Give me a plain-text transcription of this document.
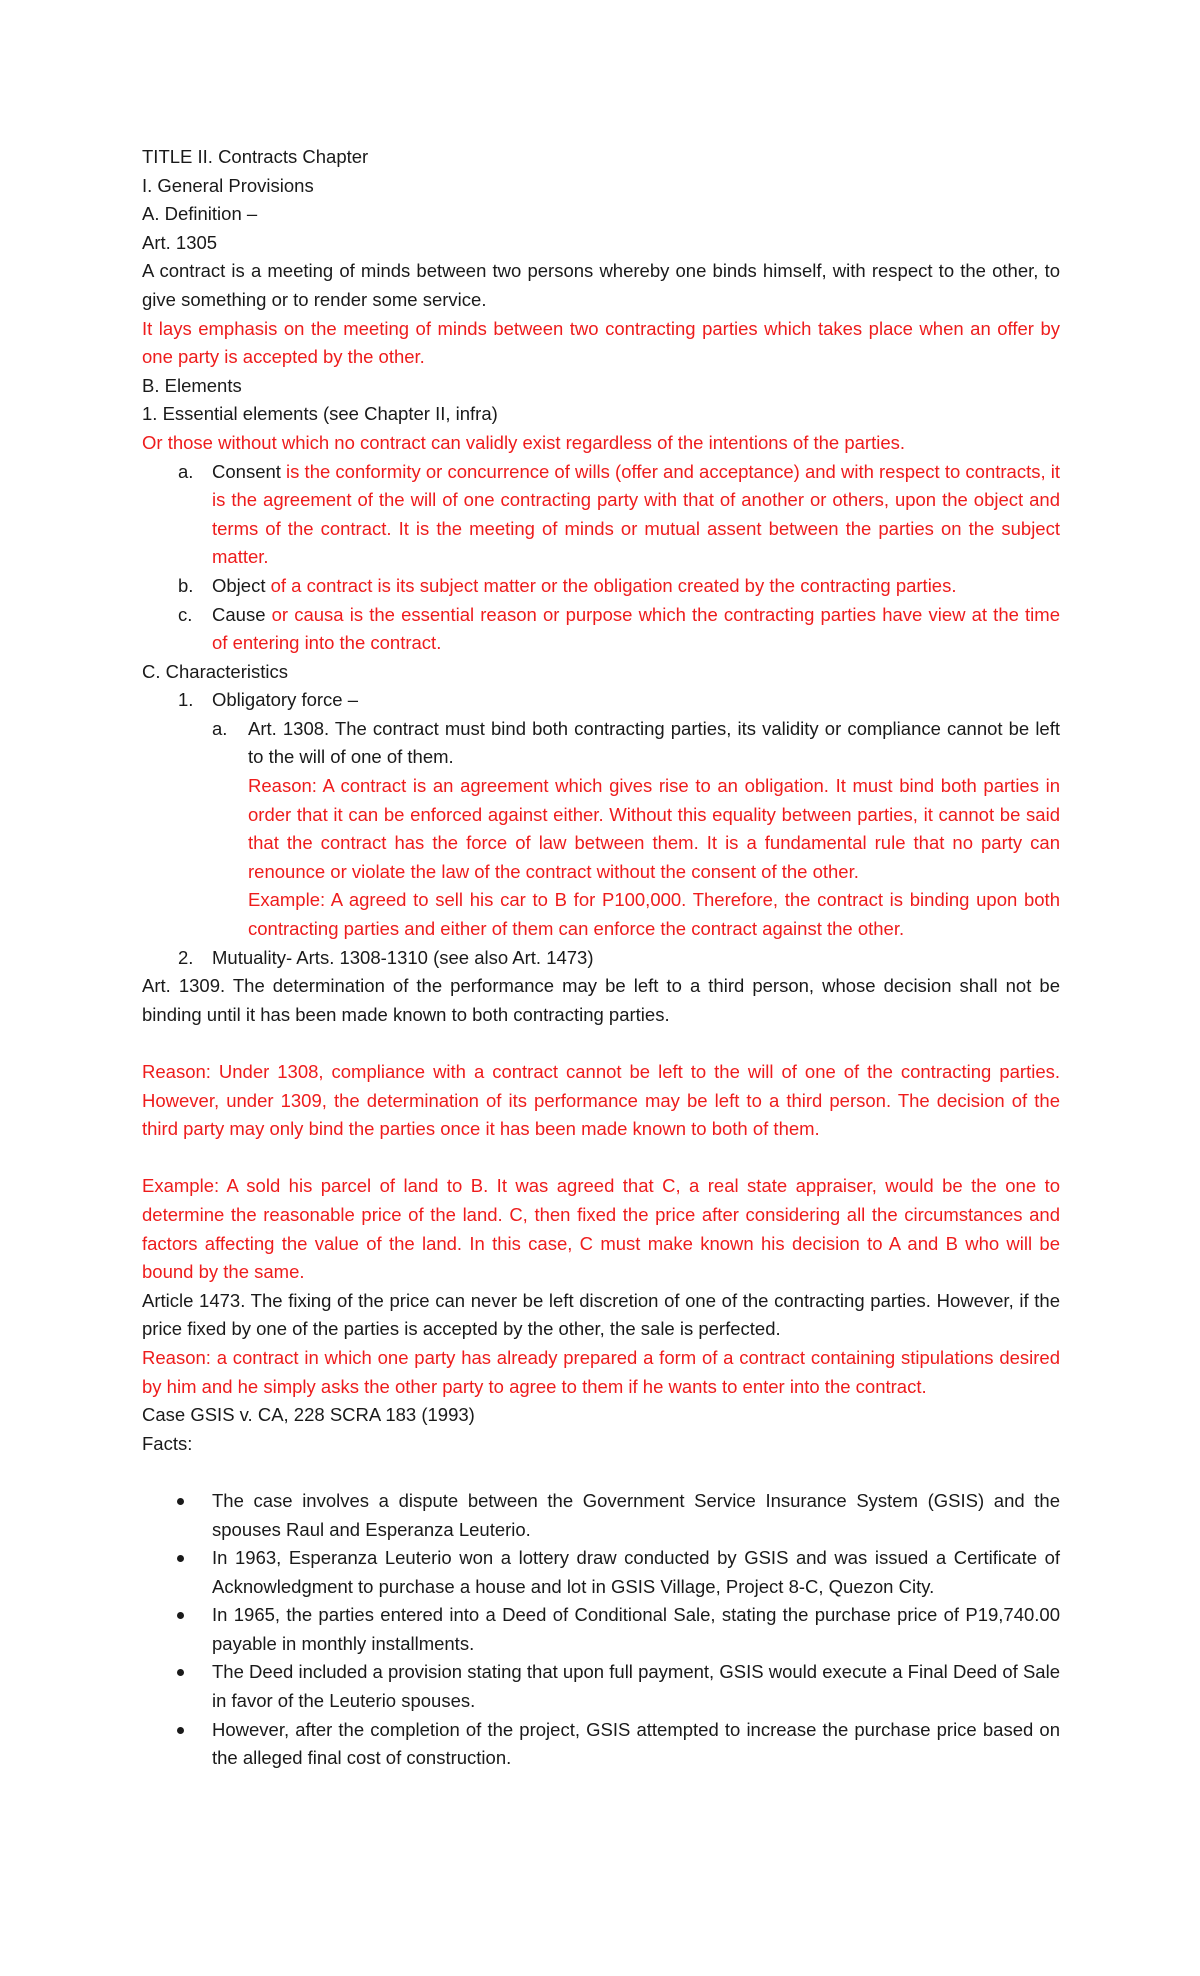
TITLE II. Contracts Chapter

I. General Provisions

A. Definition –

Art. 1305

A contract is a meeting of minds between two persons whereby one binds himself, with respect to the other, to give something or to render some service.

It lays emphasis on the meeting of minds between two contracting parties which takes place when an offer by one party is accepted by the other.

B. Elements

1. Essential elements (see Chapter II, infra)

Or those without which no contract can validly exist regardless of the intentions of the parties.

a. Consent is the conformity or concurrence of wills (offer and acceptance) and with respect to contracts, it is the agreement of the will of one contracting party with that of another or others, upon the object and terms of the contract. It is the meeting of minds or mutual assent between the parties on the subject matter.
b. Object of a contract is its subject matter or the obligation created by the contracting parties.
c. Cause or causa is the essential reason or purpose which the contracting parties have view at the time of entering into the contract.

C. Characteristics

1. Obligatory force –
a. Art. 1308. The contract must bind both contracting parties, its validity or compliance cannot be left to the will of one of them.

Reason: A contract is an agreement which gives rise to an obligation. It must bind both parties in order that it can be enforced against either. Without this equality between parties, it cannot be said that the contract has the force of law between them. It is a fundamental rule that no party can renounce or violate the law of the contract without the consent of the other.

Example: A agreed to sell his car to B for P100,000. Therefore, the contract is binding upon both contracting parties and either of them can enforce the contract against the other.

2. Mutuality- Arts. 1308-1310 (see also Art. 1473)

Art. 1309. The determination of the performance may be left to a third person, whose decision shall not be binding until it has been made known to both contracting parties.

Reason: Under 1308, compliance with a contract cannot be left to the will of one of the contracting parties. However, under 1309, the determination of its performance may be left to a third person. The decision of the third party may only bind the parties once it has been made known to both of them.

Example: A sold his parcel of land to B. It was agreed that C, a real state appraiser, would be the one to determine the reasonable price of the land. C, then fixed the price after considering all the circumstances and factors affecting the value of the land. In this case, C must make known his decision to A and B who will be bound by the same.

Article 1473. The fixing of the price can never be left discretion of one of the contracting parties. However, if the price fixed by one of the parties is accepted by the other, the sale is perfected.

Reason: a contract in which one party has already prepared a form of a contract containing stipulations desired by him and he simply asks the other party to agree to them if he wants to enter into the contract.

Case GSIS v. CA, 228 SCRA 183 (1993)

Facts:

The case involves a dispute between the Government Service Insurance System (GSIS) and the spouses Raul and Esperanza Leuterio.
In 1963, Esperanza Leuterio won a lottery draw conducted by GSIS and was issued a Certificate of Acknowledgment to purchase a house and lot in GSIS Village, Project 8-C, Quezon City.
In 1965, the parties entered into a Deed of Conditional Sale, stating the purchase price of P19,740.00 payable in monthly installments.
The Deed included a provision stating that upon full payment, GSIS would execute a Final Deed of Sale in favor of the Leuterio spouses.
However, after the completion of the project, GSIS attempted to increase the purchase price based on the alleged final cost of construction.
